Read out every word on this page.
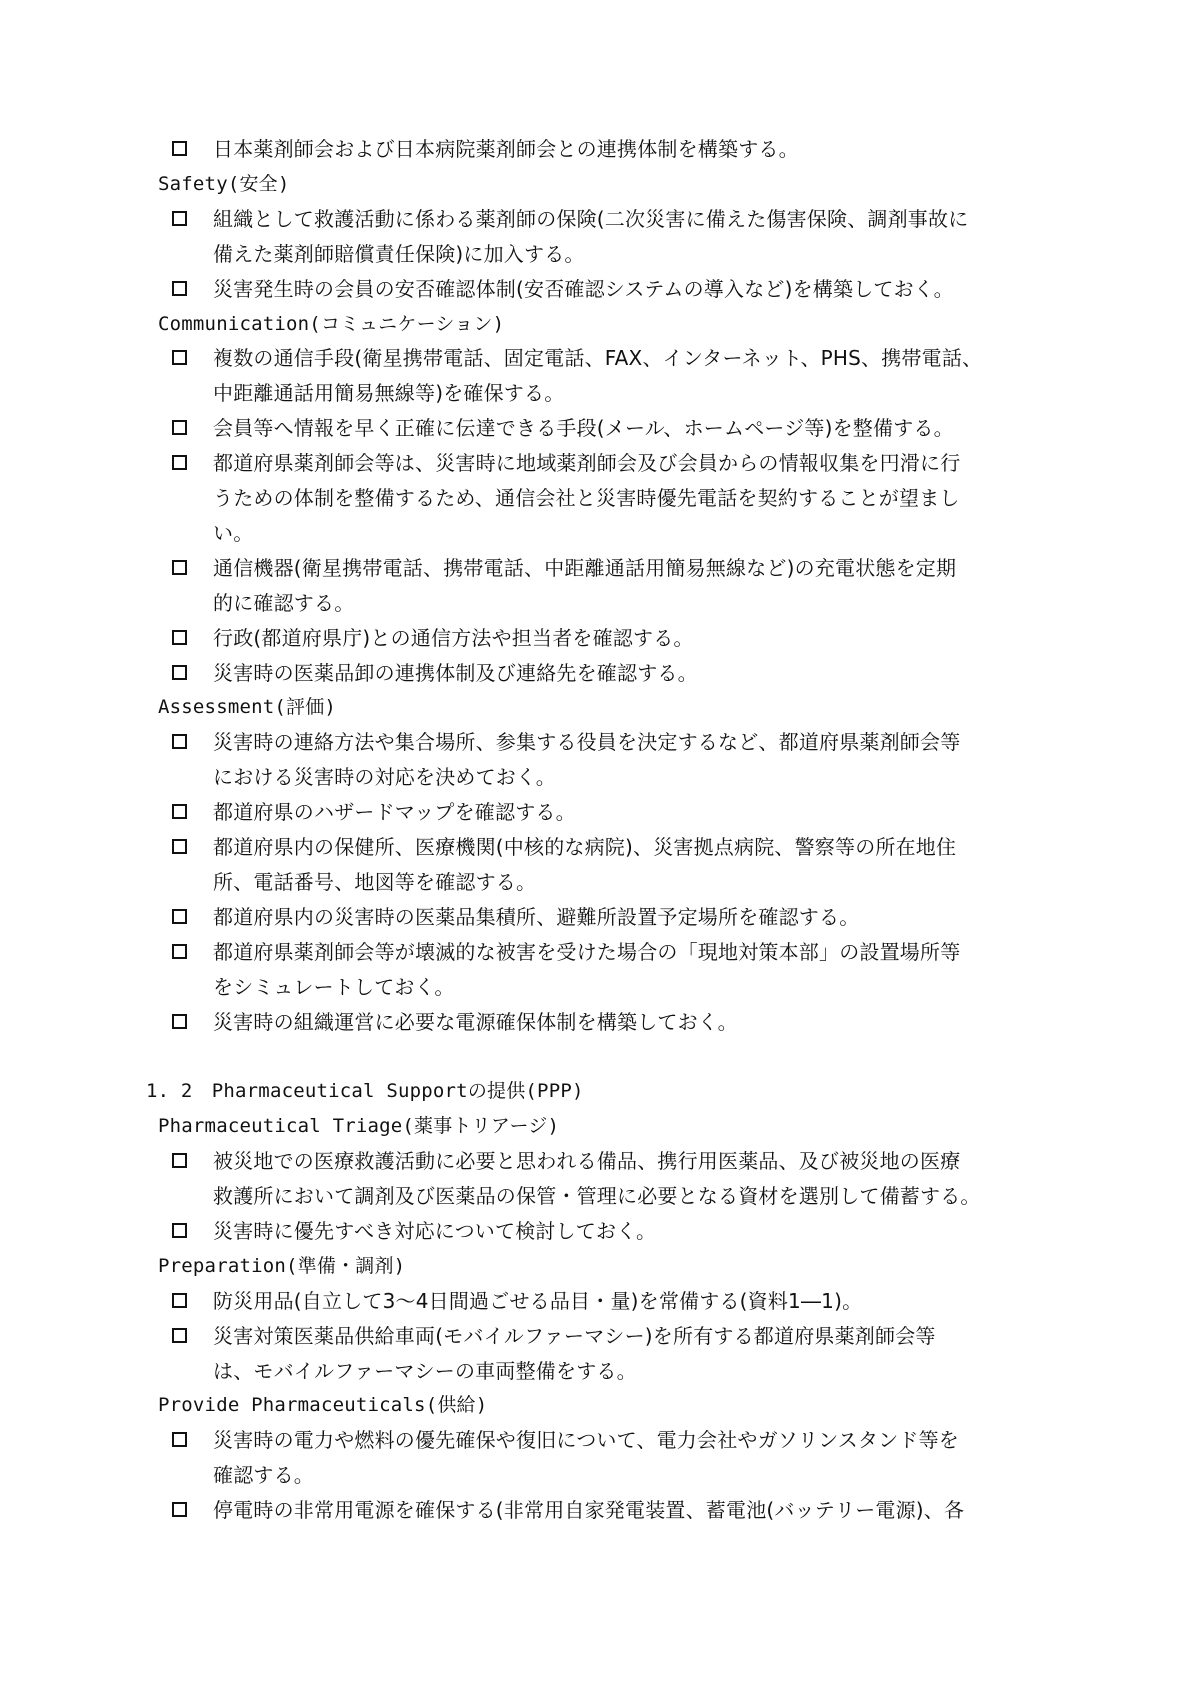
日本薬剤師会および日本病院薬剤師会との連携体制を構築する。
Safety(安全)
組織として救護活動に係わる薬剤師の保険(二次災害に備えた傷害保険、調剤事故に
備えた薬剤師賠償責任保険)に加入する。
災害発生時の会員の安否確認体制(安否確認システムの導入など)を構築しておく。
Communication(コミュニケーション)
複数の通信手段(衛星携帯電話、固定電話、FAX、インターネット、PHS、携帯電話、
中距離通話用簡易無線等)を確保する。
会員等へ情報を早く正確に伝達できる手段(メール、ホームページ等)を整備する。
都道府県薬剤師会等は、災害時に地域薬剤師会及び会員からの情報収集を円滑に行
うための体制を整備するため、通信会社と災害時優先電話を契約することが望まし
い。
通信機器(衛星携帯電話、携帯電話、中距離通話用簡易無線など)の充電状態を定期
的に確認する。
行政(都道府県庁)との通信方法や担当者を確認する。
災害時の医薬品卸の連携体制及び連絡先を確認する。
Assessment(評価)
災害時の連絡方法や集合場所、参集する役員を決定するなど、都道府県薬剤師会等
における災害時の対応を決めておく。
都道府県のハザードマップを確認する。
都道府県内の保健所、医療機関(中核的な病院)、災害拠点病院、警察等の所在地住
所、電話番号、地図等を確認する。
都道府県内の災害時の医薬品集積所、避難所設置予定場所を確認する。
都道府県薬剤師会等が壊滅的な被害を受けた場合の「現地対策本部」の設置場所等
をシミュレートしておく。
災害時の組織運営に必要な電源確保体制を構築しておく。
1. 2　Pharmaceutical Supportの提供(PPP)
Pharmaceutical Triage(薬事トリアージ)
被災地での医療救護活動に必要と思われる備品、携行用医薬品、及び被災地の医療
救護所において調剤及び医薬品の保管・管理に必要となる資材を選別して備蓄する。
災害時に優先すべき対応について検討しておく。
Preparation(準備・調剤)
防災用品(自立して3～4日間過ごせる品目・量)を常備する(資料1―1)。
災害対策医薬品供給車両(モバイルファーマシー)を所有する都道府県薬剤師会等
は、モバイルファーマシーの車両整備をする。
Provide Pharmaceuticals(供給)
災害時の電力や燃料の優先確保や復旧について、電力会社やガソリンスタンド等を
確認する。
停電時の非常用電源を確保する(非常用自家発電装置、蓄電池(バッテリー電源)、各
